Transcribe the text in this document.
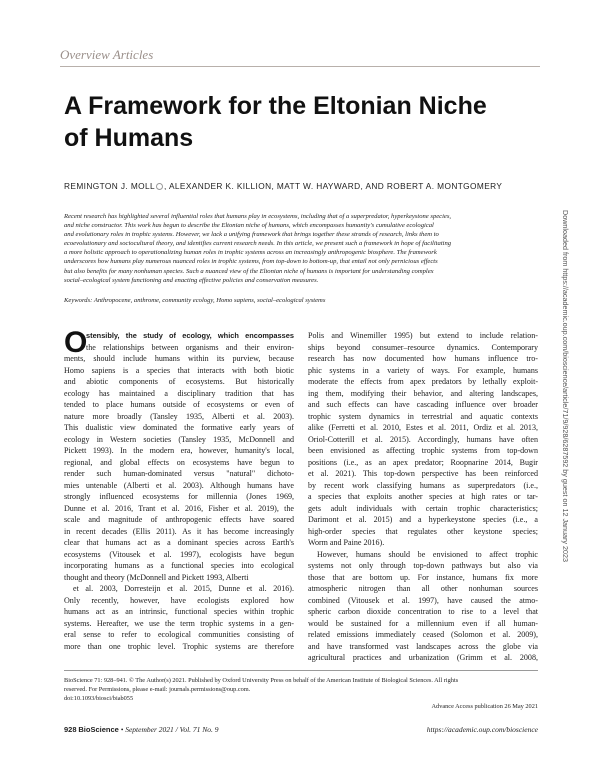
Overview Articles
A Framework for the Eltonian Niche
of Humans
REMINGTON J. MOLL , ALEXANDER K. KILLION, MATT W. HAYWARD, AND ROBERT A. MONTGOMERY
Recent research has highlighted several influential roles that humans play in ecosystems, including that of a superpredator, hyperkeystone species,
and niche constructor. This work has begun to describe the Eltonian niche of humans, which encompasses humanity's cumulative ecological
and evolutionary roles in trophic systems. However, we lack a unifying framework that brings together these strands of research, links them to
ecoevolutionary and sociocultural theory, and identifies current research needs. In this article, we present such a framework in hope of facilitating
a more holistic approach to operationalizing human roles in trophic systems across an increasingly anthropogenic biosphere. The framework
underscores how humans play numerous nuanced roles in trophic systems, from top-down to bottom-up, that entail not only pernicious effects
but also benefits for many nonhuman species. Such a nuanced view of the Eltonian niche of humans is important for understanding complex
social–ecological system functioning and enacting effective policies and conservation measures.
Keywords: Anthropocene, anthrome, community ecology, Homo sapiens, social–ecological systems
O
stensibly, the study of ecology, which encompasses
the relationships between organisms and their environ-
ments, should include humans within its purview, because
Homo sapiens is a species that interacts with both biotic
and abiotic components of ecosystems. But historically
ecology has maintained a disciplinary tradition that has
tended to place humans outside of ecosystems or even of
nature more broadly (Tansley 1935, Alberti et al. 2003).
This dualistic view dominated the formative early years of
ecology in Western societies (Tansley 1935, McDonnell and
Pickett 1993). In the modern era, however, humanity's local,
regional, and global effects on ecosystems have begun to
render such human-dominated versus "natural" dichoto-
mies untenable (Alberti et al. 2003). Although humans have
strongly influenced ecosystems for millennia (Jones 1969,
Dunne et al. 2016, Trant et al. 2016, Fisher et al. 2019), the
scale and magnitude of anthropogenic effects have soared
in recent decades (Ellis 2011). As it has become increasingly
clear that humans act as a dominant species across Earth's
ecosystems (Vitousek et al. 1997), ecologists have begun
incorporating humans as a functional species into ecological
thought and theory (McDonnell and Pickett 1993, Alberti
et al. 2003, Dorresteijn et al. 2015, Dunne et al. 2016).
Only recently, however, have ecologists explored how
humans act as an intrinsic, functional species within trophic
systems. Hereafter, we use the term trophic systems in a gen-
eral sense to refer to ecological communities consisting of
more than one trophic level. Trophic systems are therefore
Polis and Winemiller 1995) but extend to include relation-
ships beyond consumer–resource dynamics. Contemporary
research has now documented how humans influence tro-
phic systems in a variety of ways. For example, humans
moderate the effects from apex predators by lethally exploit-
ing them, modifying their behavior, and altering landscapes,
and such effects can have cascading influence over broader
trophic system dynamics in terrestrial and aquatic contexts
alike (Ferretti et al. 2010, Estes et al. 2011, Ordiz et al. 2013,
Oriol-Cotterill et al. 2015). Accordingly, humans have often
been envisioned as affecting trophic systems from top-down
positions (i.e., as an apex predator; Roopnarine 2014, Bugir
et al. 2021). This top-down perspective has been reinforced
by recent work classifying humans as superpredators (i.e.,
a species that exploits another species at high rates or tar-
gets adult individuals with certain trophic characteristics;
Darimont et al. 2015) and a hyperkeystone species (i.e., a
high-order species that regulates other keystone species;
Worm and Paine 2016).
However, humans should be envisioned to affect trophic
systems not only through top-down pathways but also via
those that are bottom up. For instance, humans fix more
atmospheric nitrogen than all other nonhuman sources
combined (Vitousek et al. 1997), have caused the atmo-
spheric carbon dioxide concentration to rise to a level that
would be sustained for a millennium even if all human-
related emissions immediately ceased (Solomon et al. 2009),
and have transformed vast landscapes across the globe via
agricultural practices and urbanization (Grimm et al. 2008,
BioScience 71: 928–941. © The Author(s) 2021. Published by Oxford University Press on behalf of the American Institute of Biological Sciences. All rights
reserved. For Permissions, please e-mail: journals.permissions@oup.com.
doi:10.1093/biosci/biab055
Advance Access publication 26 May 2021
928 BioScience • September 2021 / Vol. 71 No. 9	https://academic.oup.com/bioscience
Downloaded from https://academic.oup.com/bioscience/article/71/9/928/6287592 by guest on 12 January 2023
